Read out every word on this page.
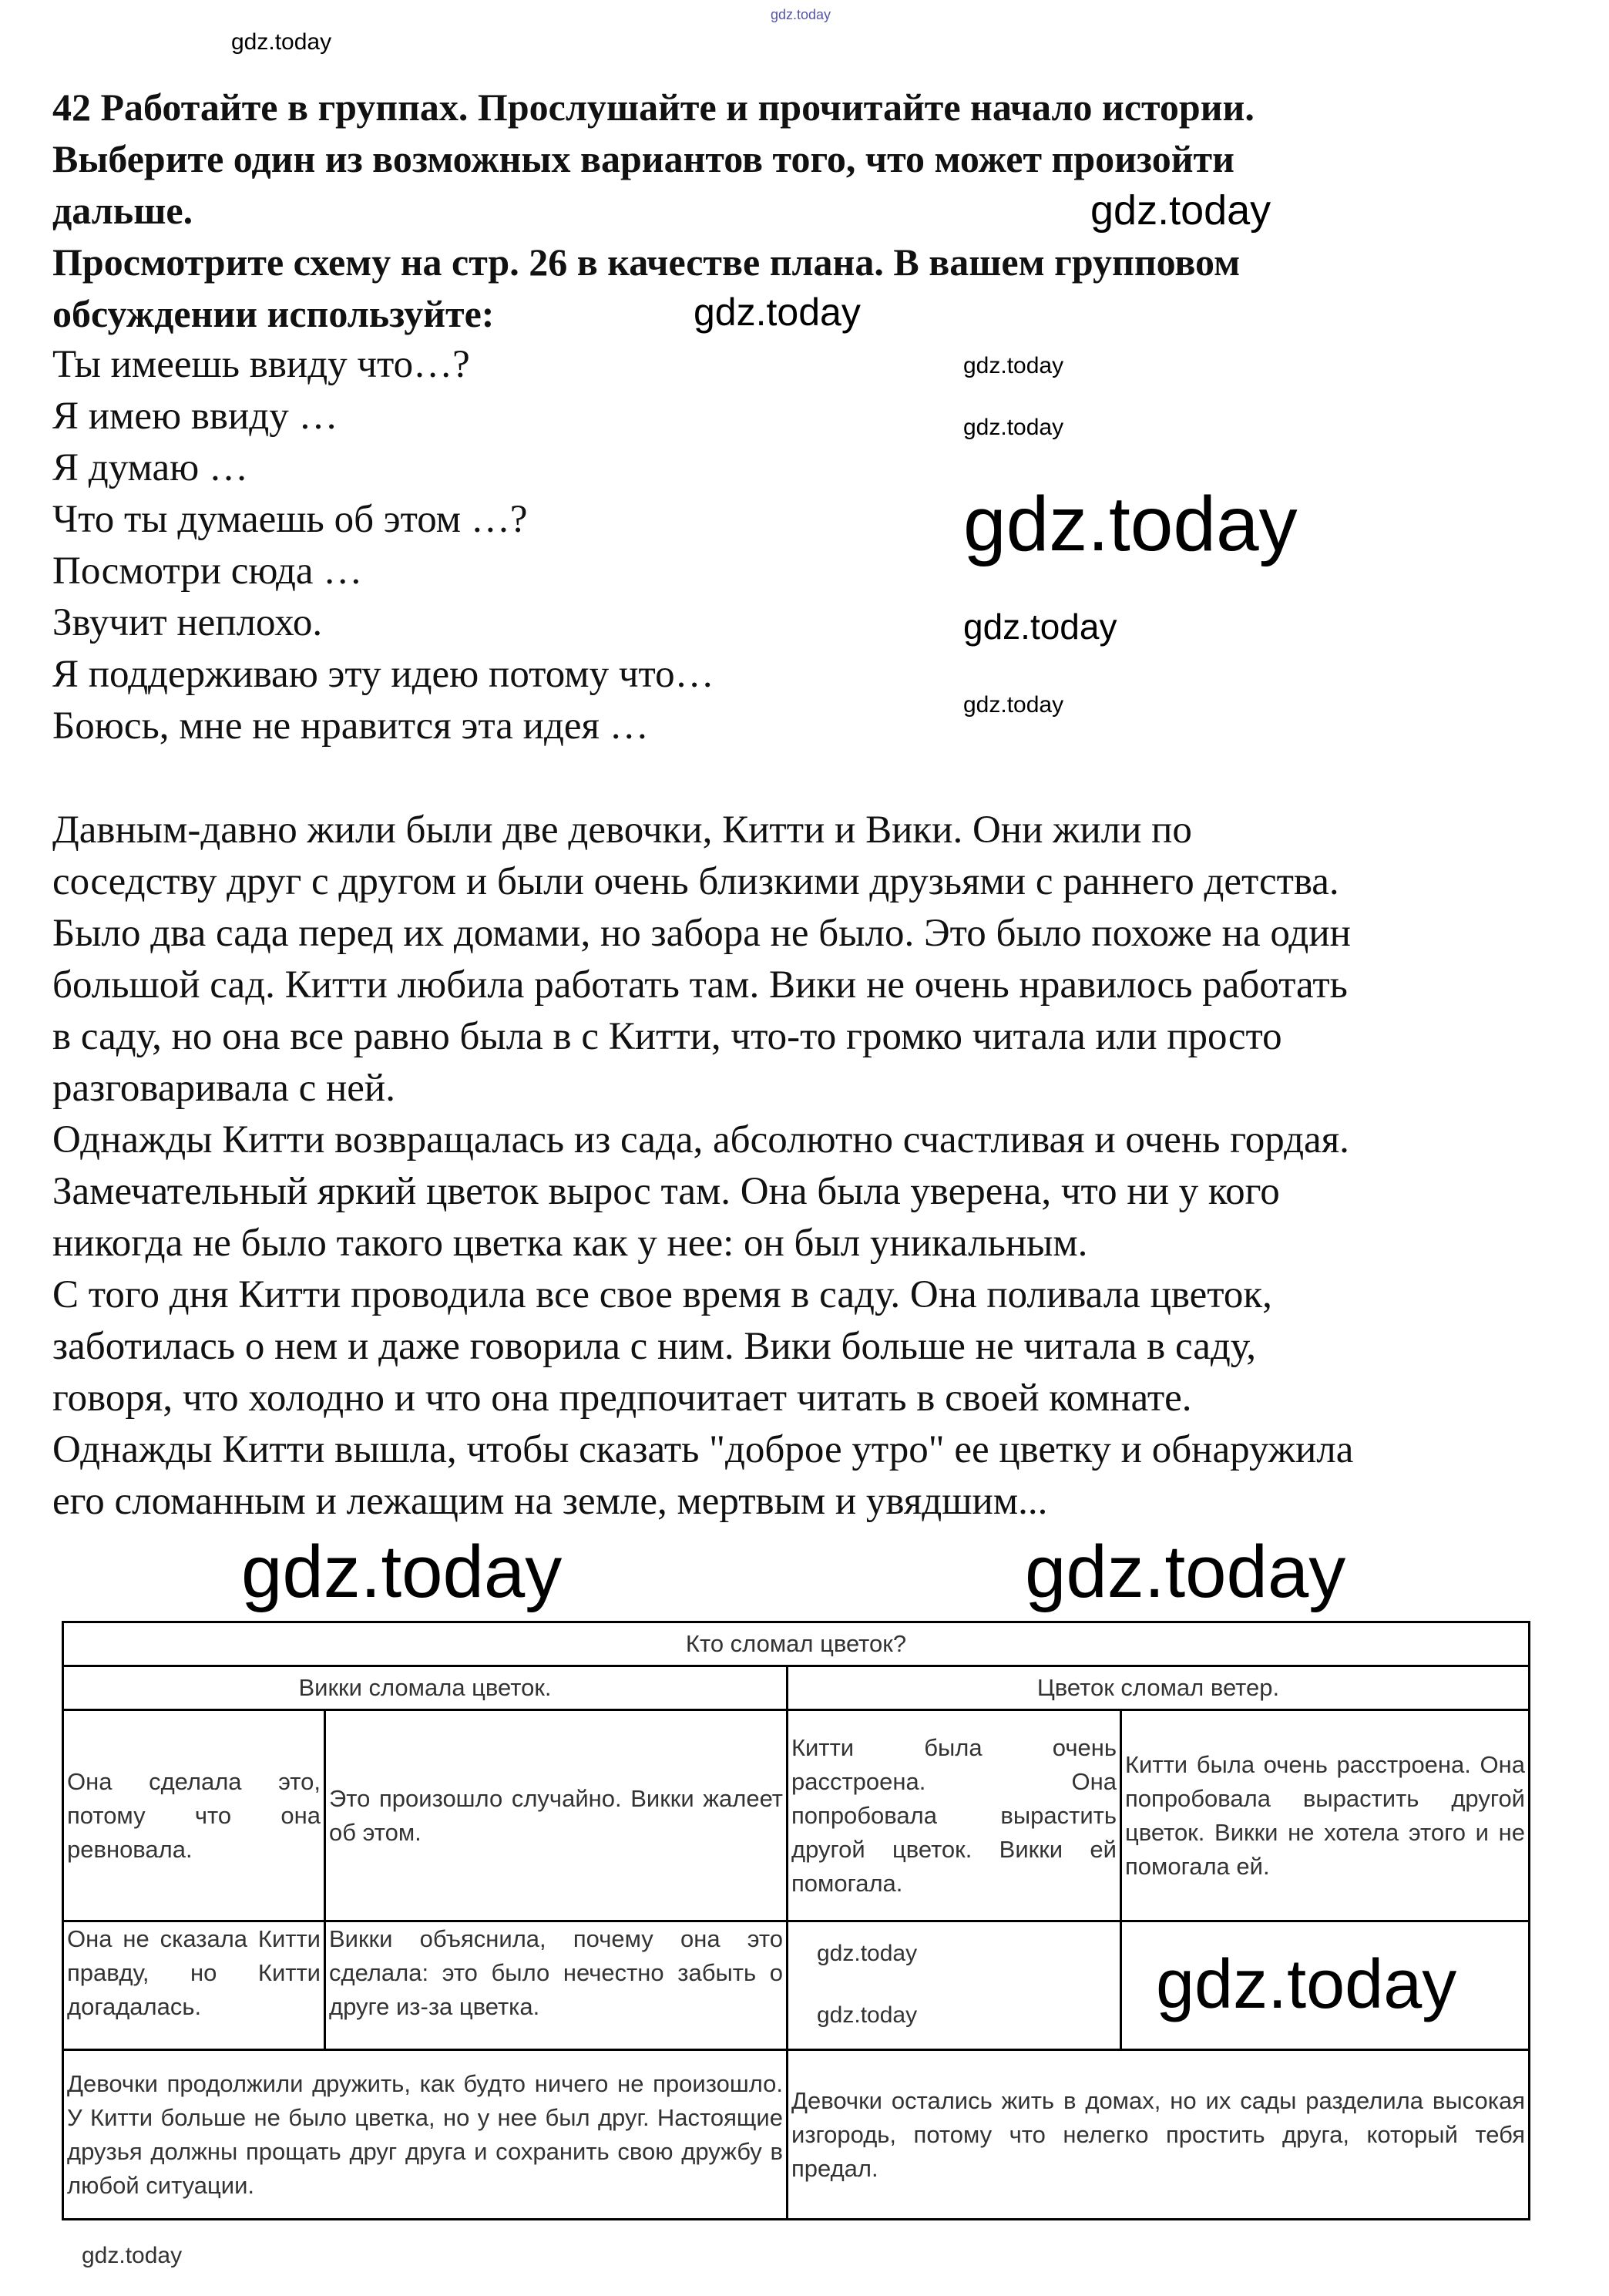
42 Работайте в группах. Прослушайте и прочитайте начало истории.
Выберите один из возможных вариантов того, что может произойти
дальше.
Просмотрите схему на стр. 26 в качестве плана. В вашем групповом
обсуждении используйте:
Ты имеешь ввиду что…?
Я имею ввиду …
Я думаю …
Что ты думаешь об этом …?
Посмотри сюда …
Звучит неплохо.
Я поддерживаю эту идею потому что…
Боюсь, мне не нравится эта идея …
Давным-давно жили были две девочки, Китти и Вики. Они жили по
соседству друг с другом и были очень близкими друзьями с раннего детства.
Было два сада перед их домами, но забора не было. Это было похоже на один
большой сад. Китти любила работать там. Вики не очень нравилось работать
в саду, но она все равно была в с Китти, что-то громко читала или просто
разговаривала с ней.
Однажды Китти возвращалась из сада, абсолютно счастливая и очень гордая.
Замечательный яркий цветок вырос там. Она была уверена, что ни у кого
никогда не было такого цветка как у нее: он был уникальным.
С того дня Китти проводила все свое время в саду. Она поливала цветок,
заботилась о нем и даже говорила с ним. Вики больше не читала в саду,
говоря, что холодно и что она предпочитает читать в своей комнате.
Однажды Китти вышла, чтобы сказать "доброе утро" ее цветку и обнаружила
его сломанным и лежащим на земле, мертвым и увядшим...
Кто сломал цветок?
Викки сломала цветок.	Цветок сломал ветер.
Она сделала это, потому что она ревновала.
Это произошло случайно. Викки жалеет об этом.
Китти была очень расстроена. Она попробовала вырастить другой цветок. Викки ей помогала.
Китти была очень расстроена. Она попробовала вырастить другой цветок. Викки не хотела этого и не помогала ей.
Она не сказала Китти правду, но Китти догадалась.
Викки объяснила, почему она это сделала: это было нечестно забыть о друге из-за цветка.
Девочки продолжили дружить, как будто ничего не произошло. У Китти больше не было цветка, но у нее был друг. Настоящие друзья должны прощать друг друга и сохранить свою дружбу в любой ситуации.
Девочки остались жить в домах, но их сады разделила высокая изгородь, потому что нелегко простить друга, который тебя предал.
gdz.today
gdz.today
gdz.today
gdz.today
gdz.today
gdz.today
gdz.today
gdz.today
gdz.today
gdz.today	gdz.today
gdz.today
gdz.today
gdz.today
gdz.today
